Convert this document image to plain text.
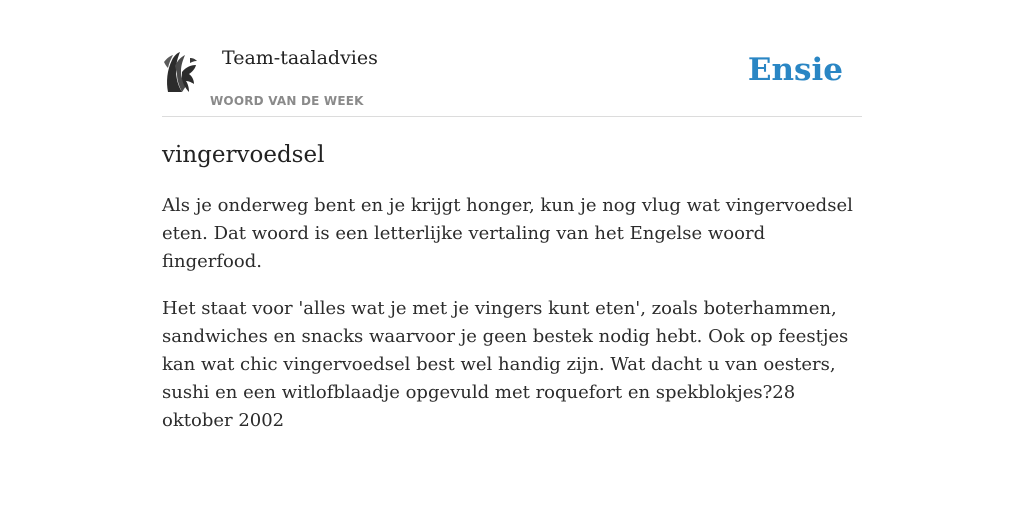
Team-taaladvies
WOORD VAN DE WEEK
Ensie
vingervoedsel

Als je onderweg bent en je krijgt honger, kun je nog vlug wat vingervoedsel eten. Dat woord is een letterlijke vertaling van het Engelse woord fingerfood.

Het staat voor 'alles wat je met je vingers kunt eten', zoals boterhammen, sandwiches en snacks waarvoor je geen bestek nodig hebt. Ook op feestjes kan wat chic vingervoedsel best wel handig zijn. Wat dacht u van oesters, sushi en een witlofblaadje opgevuld met roquefort en spekblokjes?28 oktober 2002
